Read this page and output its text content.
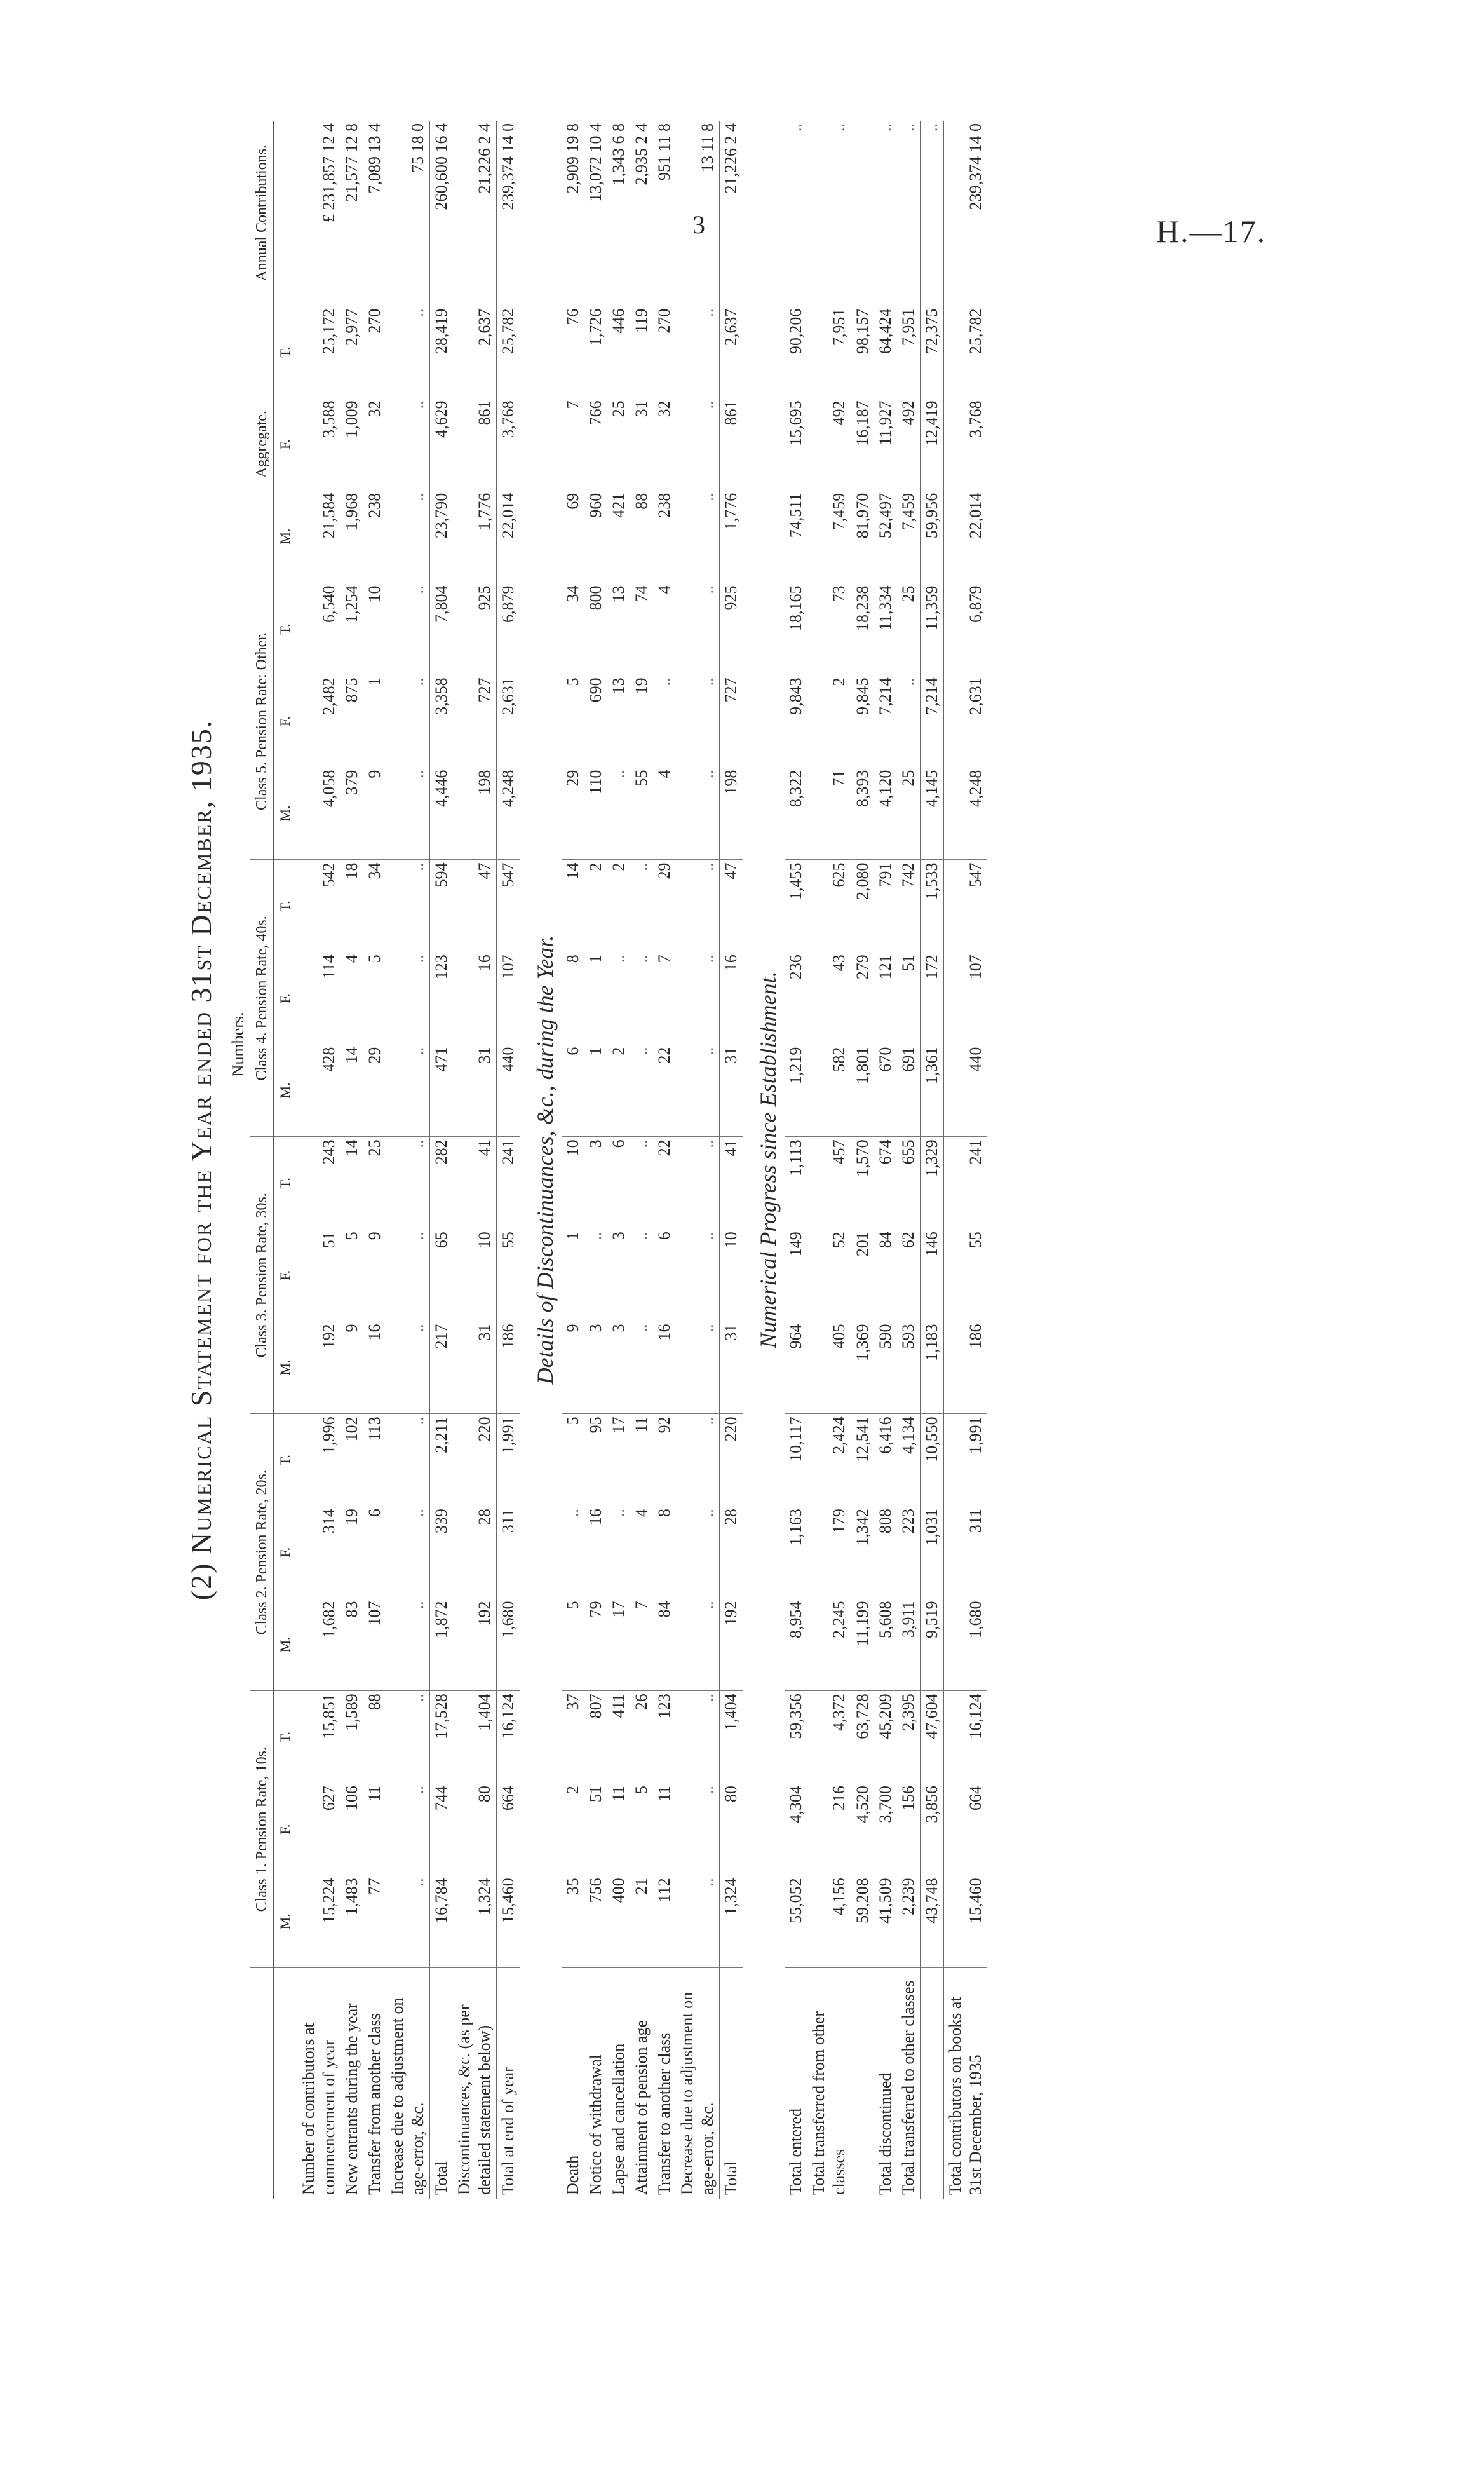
3	H.—17.
(2) Numerical Statement for the Year ended 31st December, 1935.
	Numbers.																		
	Class 1. Pension Rate, 10s.			Class 2. Pension Rate, 20s.			Class 3. Pension Rate, 30s.			Class 4. Pension Rate, 40s.			Class 5. Pension Rate: Other.			Aggregate.			Annual Contributions.
	M.	F.	T.	M.	F.	T.	M.	F.	T.	M.	F.	T.	M.	F.	T.	M.	F.	T.	
Number of contributors at commencement of year	15,224	627	15,851	1,682	314	1,996	192	51	243	428	114	542	4,058	2,482	6,540	21,584	3,588	25,172	£ 231,857 12 4
New entrants during the year	1,483	106	1,589	83	19	102	9	5	14	14	4	18	379	875	1,254	1,968	1,009	2,977	21,577 12 8
Transfer from another class	77	11	88	107	6	113	16	9	25	29	5	34	9	1	10	238	32	270	7,089 13 4
Increase due to adjustment on age-error, &c.	..	..	..	..	..	..	..	..	..	..	..	..	..	..	..	..	..	..	75 18 0
Total	16,784	744	17,528	1,872	339	2,211	217	65	282	471	123	594	4,446	3,358	7,804	23,790	4,629	28,419	260,600 16 4
Discontinuances, &c. (as per detailed statement below)	1,324	80	1,404	192	28	220	31	10	41	31	16	47	198	727	925	1,776	861	2,637	21,226 2 4
Total at end of year	15,460	664	16,124	1,680	311	1,991	186	55	241	440	107	547	4,248	2,631	6,879	22,014	3,768	25,782	239,374 14 0

Details of Discontinuances, &c., during the Year.																			
Death	35	2	37	5	..	5	9	1	10	6	8	14	29	5	34	69	7	76	2,909 19 8
Notice of withdrawal	756	51	807	79	16	95	3	..	3	1	1	2	110	690	800	960	766	1,726	13,072 10 4
Lapse and cancellation	400	11	411	17	..	17	3	3	6	2	..	2	..	13	13	421	25	446	1,343 6 8
Attainment of pension age	21	5	26	7	4	11	..	..	..	..	..	..	55	19	74	88	31	119	2,935 2 4
Transfer to another class	112	11	123	84	8	92	16	6	22	22	7	29	4	..	4	238	32	270	951 11 8
Decrease due to adjustment on age-error, &c.	..	..	..	..	..	..	..	..	..	..	..	..	..	..	..	..	..	..	13 11 8
Total	1,324	80	1,404	192	28	220	31	10	41	31	16	47	198	727	925	1,776	861	2,637	21,226 2 4

Numerical Progress since Establishment.																			
Total entered	55,052	4,304	59,356	8,954	1,163	10,117	964	149	1,113	1,219	236	1,455	8,322	9,843	18,165	74,511	15,695	90,206	..
Total transferred from other classes	4,156	216	4,372	2,245	179	2,424	405	52	457	582	43	625	71	2	73	7,459	492	7,951	..
	59,208	4,520	63,728	11,199	1,342	12,541	1,369	201	1,570	1,801	279	2,080	8,393	9,845	18,238	81,970	16,187	98,157	
Total discontinued	41,509	3,700	45,209	5,608	808	6,416	590	84	674	670	121	791	4,120	7,214	11,334	52,497	11,927	64,424	..
Total transferred to other classes	2,239	156	2,395	3,911	223	4,134	593	62	655	691	51	742	25	..	25	7,459	492	7,951	..
	43,748	3,856	47,604	9,519	1,031	10,550	1,183	146	1,329	1,361	172	1,533	4,145	7,214	11,359	59,956	12,419	72,375	..
Total contributors on books at 31st December, 1935	15,460	664	16,124	1,680	311	1,991	186	55	241	440	107	547	4,248	2,631	6,879	22,014	3,768	25,782	239,374 14 0
